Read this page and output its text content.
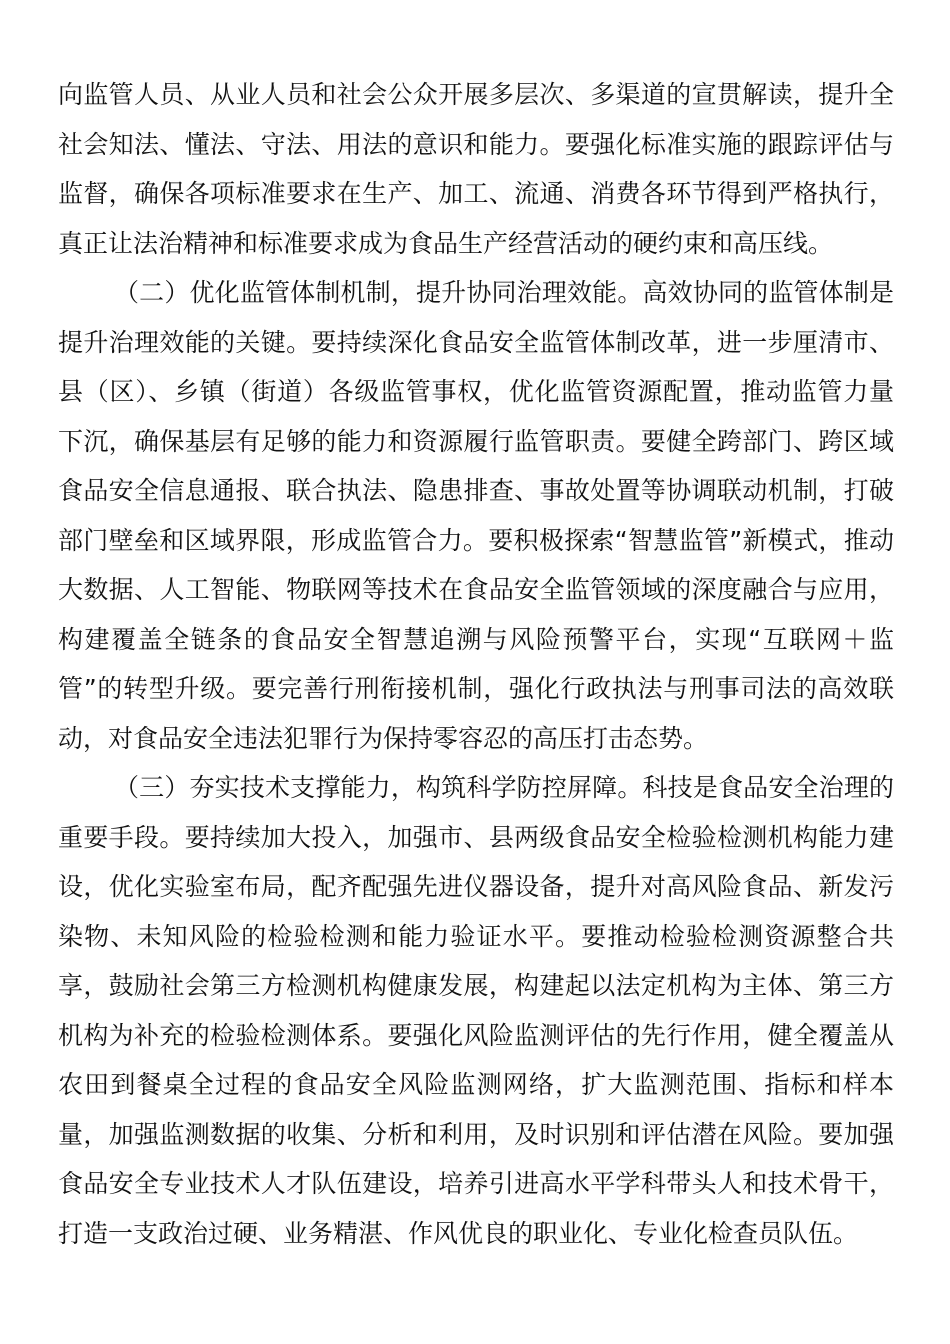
向监管人员、从业人员和社会公众开展多层次、多渠道的宣贯解读，提升全社会知法、懂法、守法、用法的意识和能力。要强化标准实施的跟踪评估与监督，确保各项标准要求在生产、加工、流通、消费各环节得到严格执行，真正让法治精神和标准要求成为食品生产经营活动的硬约束和高压线。

（二）优化监管体制机制，提升协同治理效能。高效协同的监管体制是提升治理效能的关键。要持续深化食品安全监管体制改革，进一步厘清市、县（区）、乡镇（街道）各级监管事权，优化监管资源配置，推动监管力量下沉，确保基层有足够的能力和资源履行监管职责。要健全跨部门、跨区域食品安全信息通报、联合执法、隐患排查、事故处置等协调联动机制，打破部门壁垒和区域界限，形成监管合力。要积极探索“智慧监管”新模式，推动大数据、人工智能、物联网等技术在食品安全监管领域的深度融合与应用，构建覆盖全链条的食品安全智慧追溯与风险预警平台，实现“互联网＋监管”的转型升级。要完善行刑衔接机制，强化行政执法与刑事司法的高效联动，对食品安全违法犯罪行为保持零容忍的高压打击态势。

（三）夯实技术支撑能力，构筑科学防控屏障。科技是食品安全治理的重要手段。要持续加大投入，加强市、县两级食品安全检验检测机构能力建设，优化实验室布局，配齐配强先进仪器设备，提升对高风险食品、新发污染物、未知风险的检验检测和能力验证水平。要推动检验检测资源整合共享，鼓励社会第三方检测机构健康发展，构建起以法定机构为主体、第三方机构为补充的检验检测体系。要强化风险监测评估的先行作用，健全覆盖从农田到餐桌全过程的食品安全风险监测网络，扩大监测范围、指标和样本量，加强监测数据的收集、分析和利用，及时识别和评估潜在风险。要加强食品安全专业技术人才队伍建设，培养引进高水平学科带头人和技术骨干，打造一支政治过硬、业务精湛、作风优良的职业化、专业化检查员队伍。
